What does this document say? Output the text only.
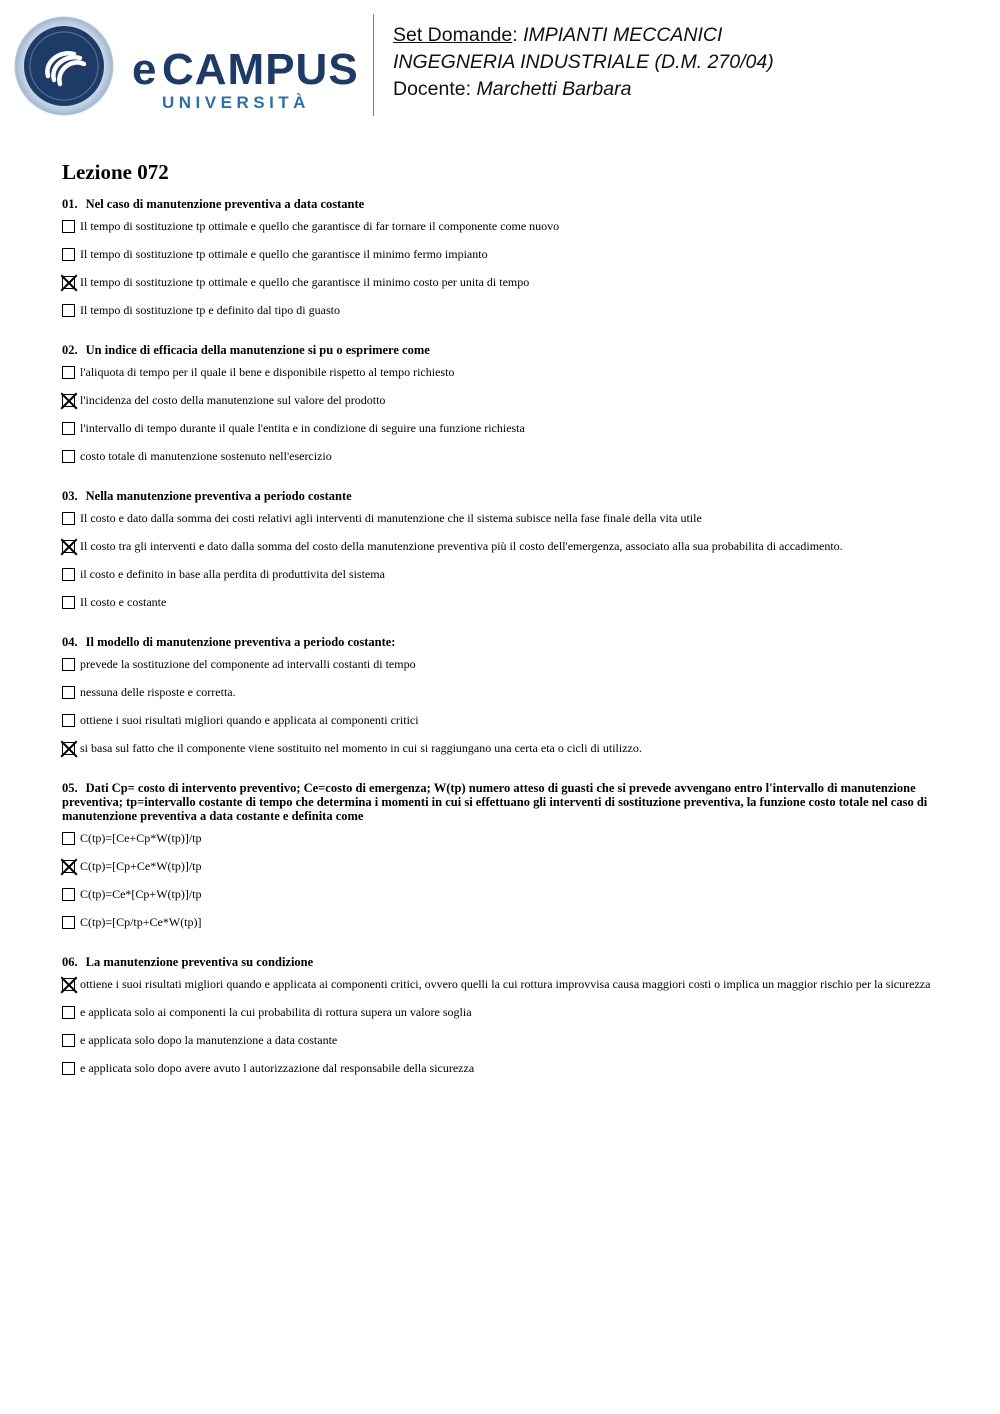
e CAMPUS
UNIVERSITÀ
Set Domande: IMPIANTI MECCANICI
INGEGNERIA INDUSTRIALE (D.M. 270/04)
Docente: Marchetti Barbara
Lezione 072
01. Nel caso di manutenzione preventiva a data costante
Il tempo di sostituzione tp ottimale e quello che garantisce di far tornare il componente come nuovo
Il tempo di sostituzione tp ottimale e quello che garantisce il minimo fermo impianto
Il tempo di sostituzione tp ottimale e quello che garantisce il minimo costo per unita di tempo
Il tempo di sostituzione tp e definito dal tipo di guasto
02. Un indice di efficacia della manutenzione si pu o esprimere come
l'aliquota di tempo per il quale il bene e disponibile rispetto al tempo richiesto
l'incidenza del costo della manutenzione sul valore del prodotto
l'intervallo di tempo durante il quale l'entita e in condizione di seguire una funzione richiesta
costo totale di manutenzione sostenuto nell'esercizio
03. Nella manutenzione preventiva a periodo costante
Il costo e dato dalla somma dei costi relativi agli interventi di manutenzione che il sistema subisce nella fase finale della vita utile
Il costo tra gli interventi e dato dalla somma del costo della manutenzione preventiva più il costo dell'emergenza, associato alla sua probabilita di accadimento.
il costo e definito in base alla perdita di produttivita del sistema
Il costo e costante
04. Il modello di manutenzione preventiva a periodo costante:
prevede la sostituzione del componente ad intervalli costanti di tempo
nessuna delle risposte e corretta.
ottiene i suoi risultati migliori quando e applicata ai componenti critici
si basa sul fatto che il componente viene sostituito nel momento in cui si raggiungano una certa eta o cicli di utilizzo.
05. Dati Cp= costo di intervento preventivo; Ce=costo di emergenza; W(tp) numero atteso di guasti che si prevede avvengano entro l'intervallo di manutenzione preventiva; tp=intervallo costante di tempo che determina i momenti in cui si effettuano gli interventi di sostituzione preventiva, la funzione costo totale nel caso di manutenzione preventiva a data costante e definita come
C(tp)=[Ce+Cp*W(tp)]/tp
C(tp)=[Cp+Ce*W(tp)]/tp
C(tp)=Ce*[Cp+W(tp)]/tp
C(tp)=[Cp/tp+Ce*W(tp)]
06. La manutenzione preventiva su condizione
ottiene i suoi risultati migliori quando e applicata ai componenti critici, ovvero quelli la cui rottura improvvisa causa maggiori costi o implica un maggior rischio per la sicurezza
e applicata solo ai componenti la cui probabilita di rottura supera un valore soglia
e applicata solo dopo la manutenzione a data costante
e applicata solo dopo avere avuto l autorizzazione dal responsabile della sicurezza
